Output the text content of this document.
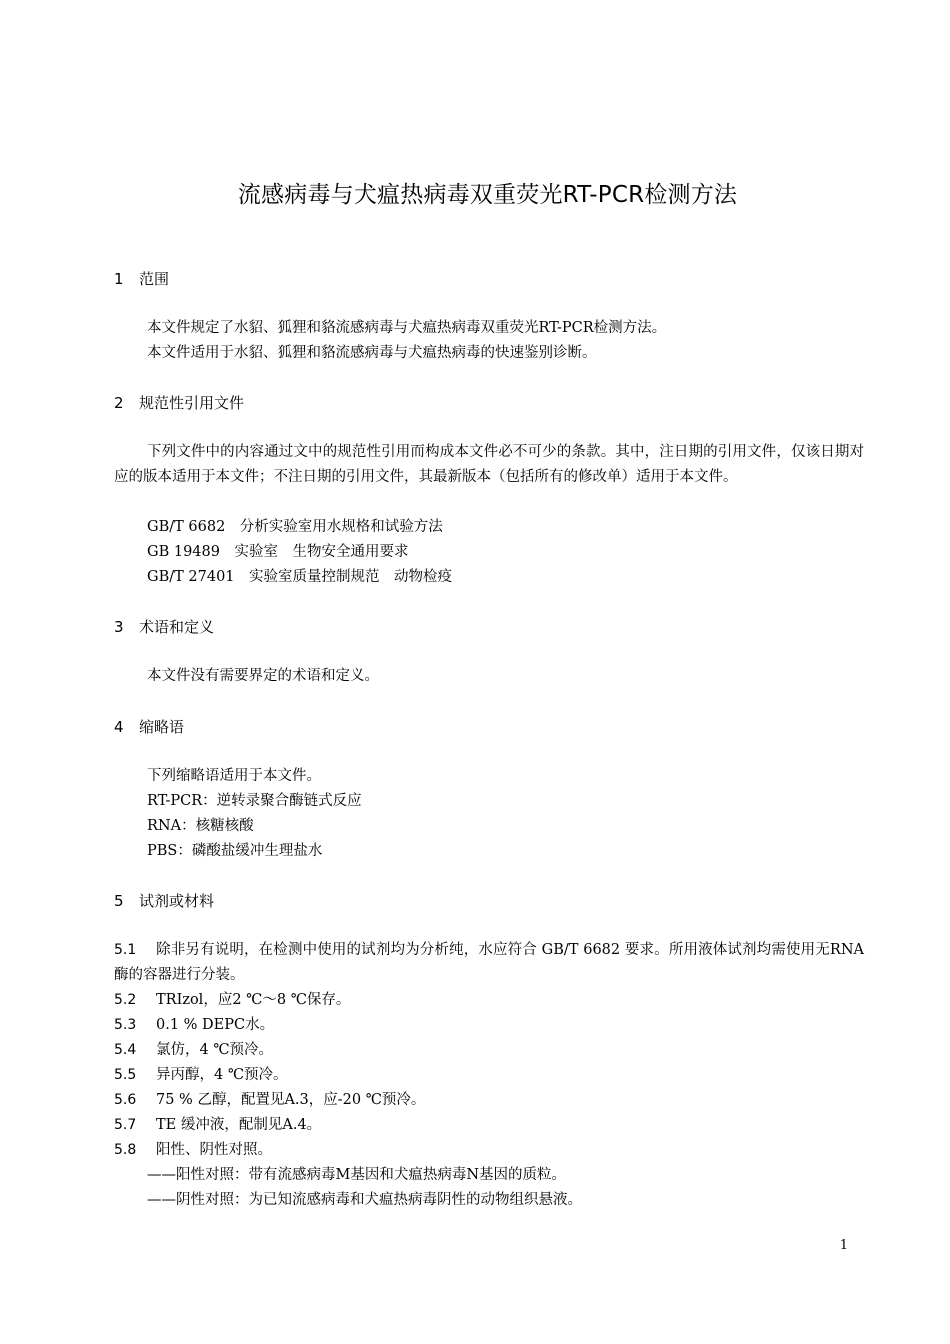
流感病毒与犬瘟热病毒双重荧光RT-PCR检测方法
1 范围
本文件规定了水貂、狐狸和貉流感病毒与犬瘟热病毒双重荧光RT-PCR检测方法。
本文件适用于水貂、狐狸和貉流感病毒与犬瘟热病毒的快速鉴别诊断。
2 规范性引用文件
下列文件中的内容通过文中的规范性引用而构成本文件必不可少的条款。其中，注日期的引用文件，仅该日期对应的版本适用于本文件；不注日期的引用文件，其最新版本（包括所有的修改单）适用于本文件。
GB/T 6682　分析实验室用水规格和试验方法
GB 19489　实验室　生物安全通用要求
GB/T 27401　实验室质量控制规范　动物检疫
3 术语和定义
本文件没有需要界定的术语和定义。
4 缩略语
下列缩略语适用于本文件。
RT-PCR：逆转录聚合酶链式反应
RNA：核糖核酸
PBS：磷酸盐缓冲生理盐水
5 试剂或材料
5.1 除非另有说明，在检测中使用的试剂均为分析纯，水应符合 GB/T 6682 要求。所用液体试剂均需使用无RNA酶的容器进行分装。
5.2 TRIzol，应2 ℃～8 ℃保存。
5.3 0.1 % DEPC水。
5.4 氯仿，4 ℃预冷。
5.5 异丙醇，4 ℃预冷。
5.6 75 % 乙醇，配置见A.3，应-20 ℃预冷。
5.7 TE 缓冲液，配制见A.4。
5.8 阳性、阴性对照。
——阳性对照：带有流感病毒M基因和犬瘟热病毒N基因的质粒。
——阴性对照：为已知流感病毒和犬瘟热病毒阴性的动物组织悬液。
1
